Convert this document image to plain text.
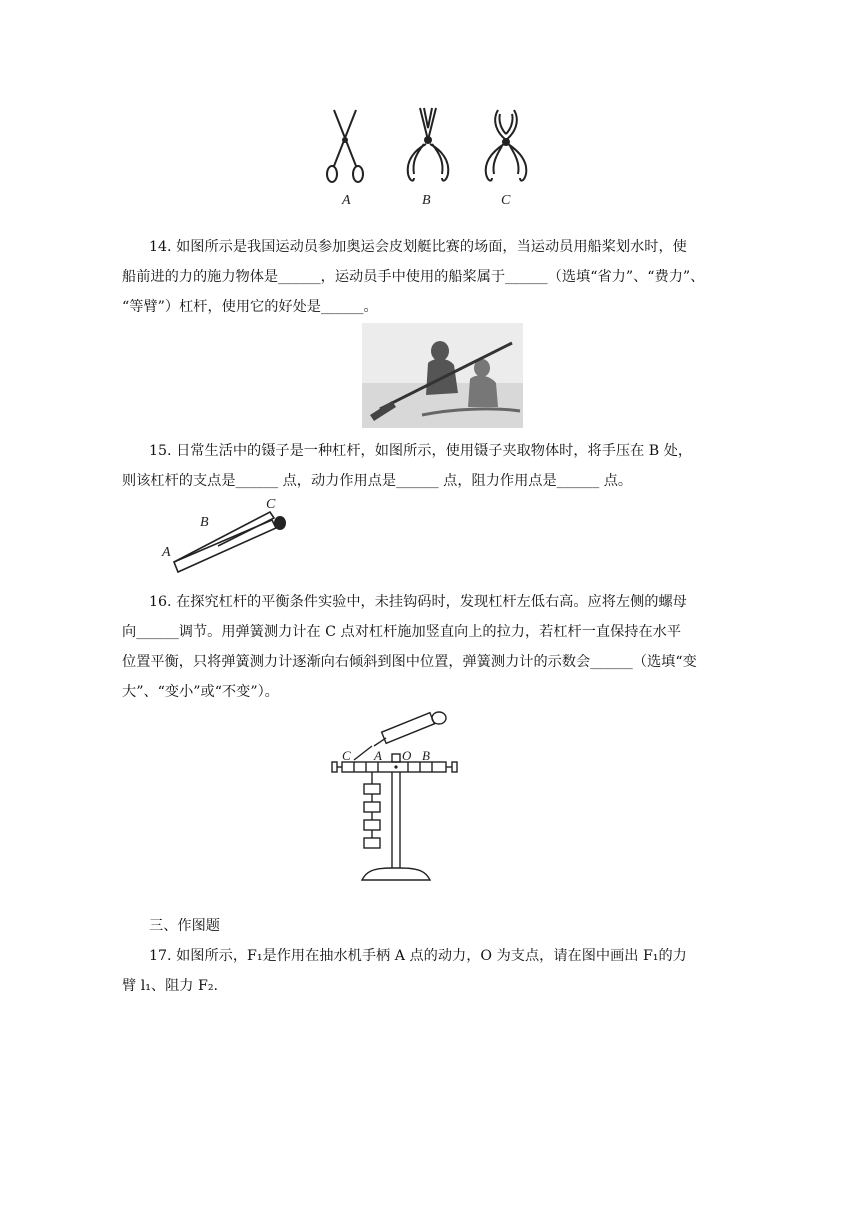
A	B	C
14. 如图所示是我国运动员参加奥运会皮划艇比赛的场面，当运动员用船桨划水时，使
船前进的力的施力物体是______，运动员手中使用的船桨属于______（选填“省力”、“费力”、
“等臂”）杠杆，使用它的好处是______。
15. 日常生活中的镊子是一种杠杆，如图所示，使用镊子夹取物体时，将手压在 B 处，
则该杠杆的支点是______ 点，动力作用点是______ 点，阻力作用点是______ 点。
C
B
A
16. 在探究杠杆的平衡条件实验中，未挂钩码时，发现杠杆左低右高。应将左侧的螺母
向______调节。用弹簧测力计在 C 点对杠杆施加竖直向上的拉力，若杠杆一直保持在水平
位置平衡，只将弹簧测力计逐渐向右倾斜到图中位置，弹簧测力计的示数会______（选填“变
大”、“变小”或“不变”）。
C A O B
三、作图题
17. 如图所示，F₁是作用在抽水机手柄 A 点的动力，O 为支点，请在图中画出 F₁的力
臂 l₁、阻力 F₂.
